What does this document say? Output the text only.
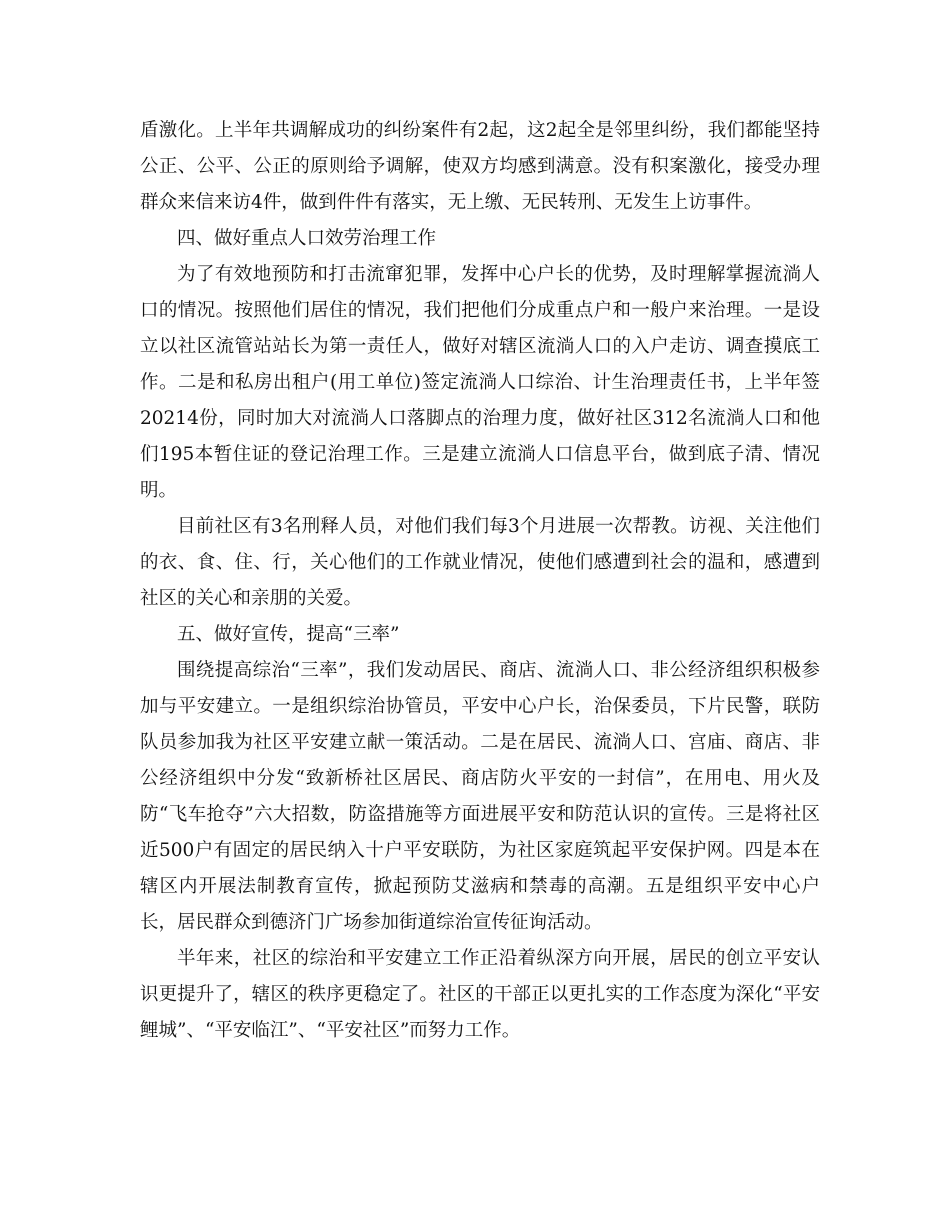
盾激化。上半年共调解成功的纠纷案件有2起，这2起全是邻里纠纷，我们都能坚持公正、公平、公正的原则给予调解，使双方均感到满意。没有积案激化，接受办理群众来信来访4件，做到件件有落实，无上缴、无民转刑、无发生上访事件。

四、做好重点人口效劳治理工作

为了有效地预防和打击流窜犯罪，发挥中心户长的优势，及时理解掌握流淌人口的情况。按照他们居住的情况，我们把他们分成重点户和一般户来治理。一是设立以社区流管站站长为第一责任人，做好对辖区流淌人口的入户走访、调查摸底工作。二是和私房出租户(用工单位)签定流淌人口综治、计生治理责任书，上半年签20214份，同时加大对流淌人口落脚点的治理力度，做好社区312名流淌人口和他们195本暂住证的登记治理工作。三是建立流淌人口信息平台，做到底子清、情况明。

目前社区有3名刑释人员，对他们我们每3个月进展一次帮教。访视、关注他们的衣、食、住、行，关心他们的工作就业情况，使他们感遭到社会的温和，感遭到社区的关心和亲朋的关爱。

五、做好宣传，提高“三率”

围绕提高综治“三率”，我们发动居民、商店、流淌人口、非公经济组织积极参加与平安建立。一是组织综治协管员，平安中心户长，治保委员，下片民警，联防队员参加我为社区平安建立献一策活动。二是在居民、流淌人口、宫庙、商店、非公经济组织中分发“致新桥社区居民、商店防火平安的一封信”，在用电、用火及防“飞车抢夺”六大招数，防盗措施等方面进展平安和防范认识的宣传。三是将社区近500户有固定的居民纳入十户平安联防，为社区家庭筑起平安保护网。四是本在辖区内开展法制教育宣传，掀起预防艾滋病和禁毒的高潮。五是组织平安中心户长，居民群众到德济门广场参加街道综治宣传征询活动。

半年来，社区的综治和平安建立工作正沿着纵深方向开展，居民的创立平安认识更提升了，辖区的秩序更稳定了。社区的干部正以更扎实的工作态度为深化“平安鲤城”、“平安临江”、“平安社区”而努力工作。
